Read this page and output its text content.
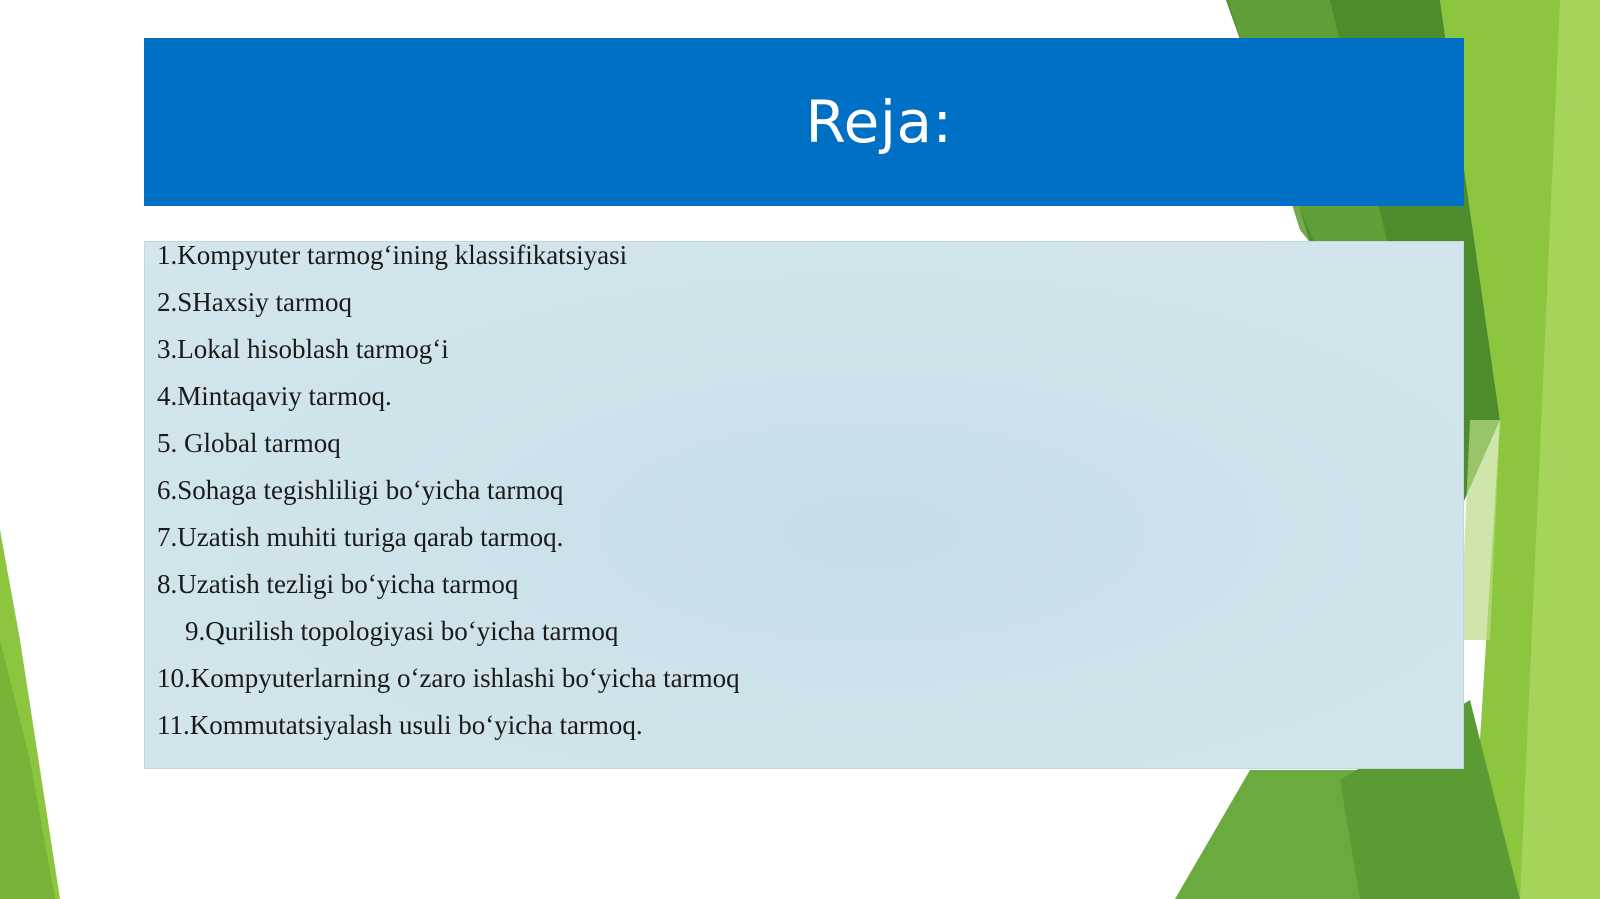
Reja:
1.Kompyuter tarmog‘ining klassifikatsiyasi
2.SHaxsiy tarmoq
3.Lokal hisoblash tarmog‘i
4.Mintaqaviy tarmoq.
5. Global tarmoq
6.Sohaga tegishliligi bo‘yicha tarmoq
7.Uzatish muhiti turiga qarab tarmoq.
8.Uzatish tezligi bo‘yicha tarmoq
9.Qurilish topologiyasi bo‘yicha tarmoq
10.Kompyuterlarning o‘zaro ishlashi bo‘yicha tarmoq
11.Kommutatsiyalash usuli bo‘yicha tarmoq.
